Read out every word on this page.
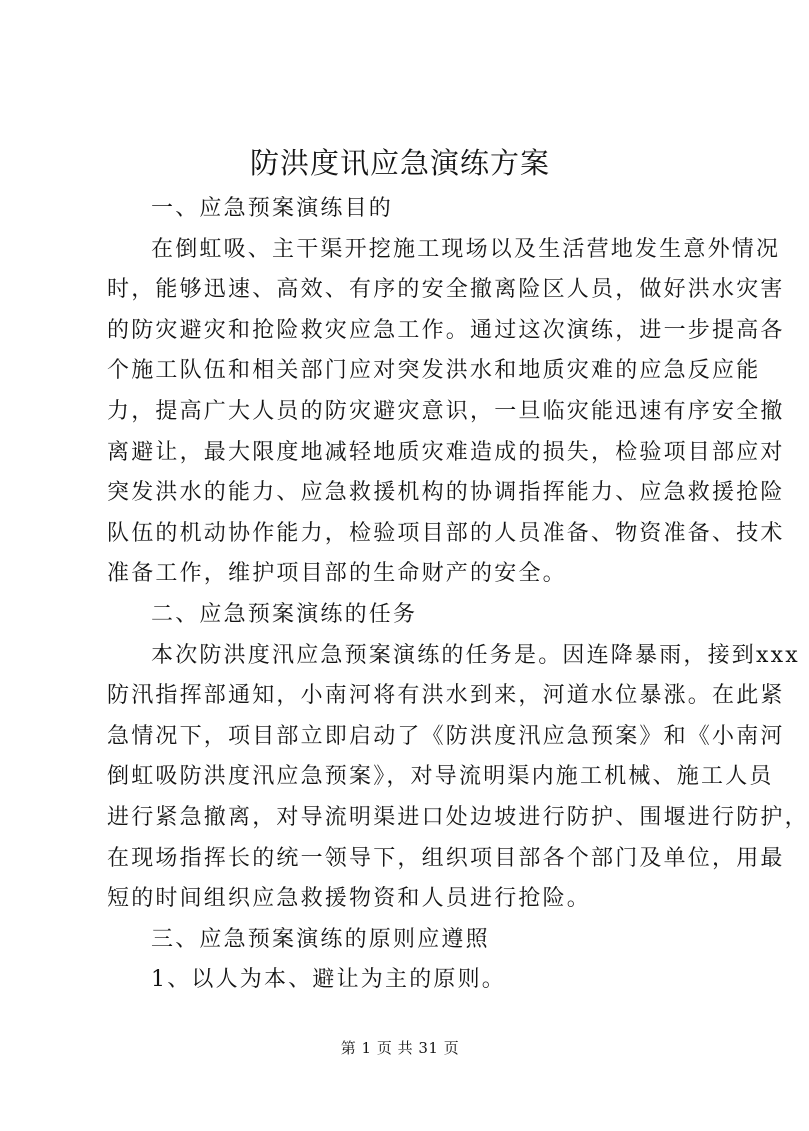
防洪度讯应急演练方案
一、应急预案演练目的
在倒虹吸、主干渠开挖施工现场以及生活营地发生意外情况
时，能够迅速、高效、有序的安全撤离险区人员，做好洪水灾害
的防灾避灾和抢险救灾应急工作。通过这次演练，进一步提高各
个施工队伍和相关部门应对突发洪水和地质灾难的应急反应能
力，提高广大人员的防灾避灾意识，一旦临灾能迅速有序安全撤
离避让，最大限度地减轻地质灾难造成的损失，检验项目部应对
突发洪水的能力、应急救援机构的协调指挥能力、应急救援抢险
队伍的机动协作能力，检验项目部的人员准备、物资准备、技术
准备工作，维护项目部的生命财产的安全。
二、应急预案演练的任务
本次防洪度汛应急预案演练的任务是。因连降暴雨，接到xxx
防汛指挥部通知，小南河将有洪水到来，河道水位暴涨。在此紧
急情况下，项目部立即启动了《防洪度汛应急预案》和《小南河
倒虹吸防洪度汛应急预案》，对导流明渠内施工机械、施工人员
进行紧急撤离，对导流明渠进口处边坡进行防护、围堰进行防护，
在现场指挥长的统一领导下，组织项目部各个部门及单位，用最
短的时间组织应急救援物资和人员进行抢险。
三、应急预案演练的原则应遵照
1、以人为本、避让为主的原则。
第 1 页 共 31 页
